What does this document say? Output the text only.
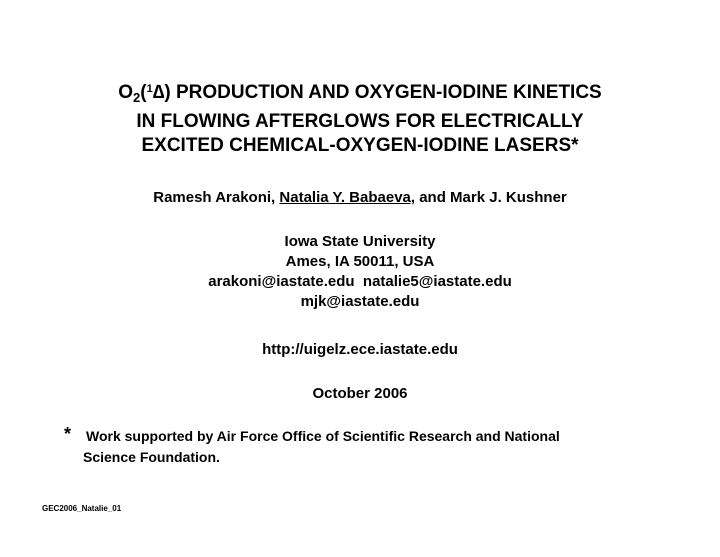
$O_2(^1\Delta)$ PRODUCTION AND OXYGEN-IODINE KINETICS
IN FLOWING AFTERGLOWS FOR ELECTRICALLY
EXCITED CHEMICAL-OXYGEN-IODINE LASERS*
Ramesh Arakoni, Natalia Y. Babaeva, and Mark J. Kushner
Iowa State University
Ames, IA 50011, USA
arakoni@iastate.edu  natalie5@iastate.edu
mjk@iastate.edu
http://uigelz.ece.iastate.edu
October 2006
*	Work supported by Air Force Office of Scientific Research and National
Science Foundation.
GEC2006_Natalie_01
